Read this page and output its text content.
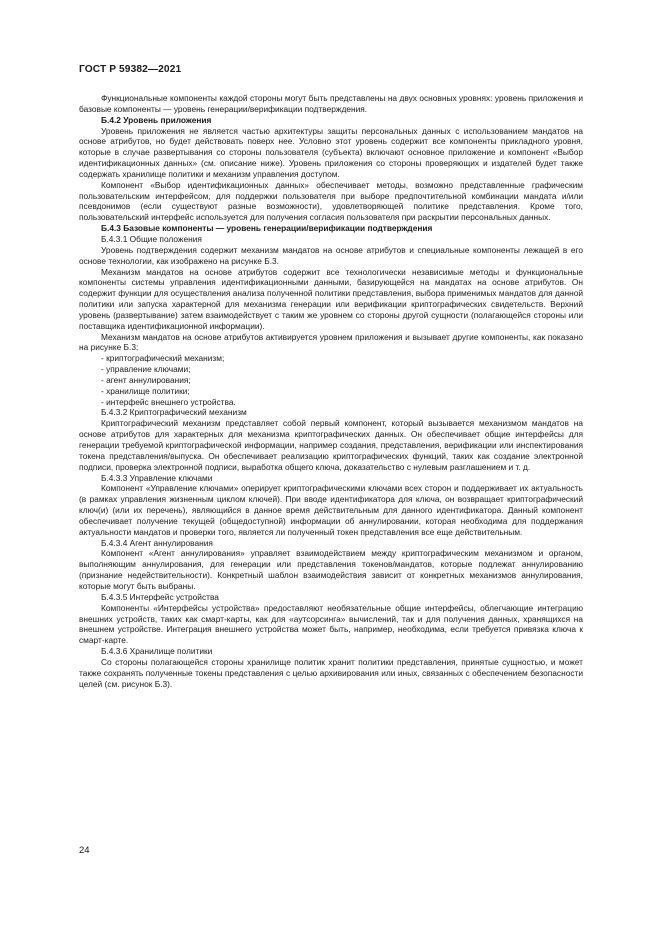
ГОСТ Р 59382—2021

Функциональные компоненты каждой стороны могут быть представлены на двух основных уровнях: уровень приложения и базовые компоненты — уровень генерации/верификации подтверждения.

Б.4.2 Уровень приложения

Уровень приложения не является частью архитектуры защиты персональных данных с использованием мандатов на основе атрибутов, но будет действовать поверх нее. Условно этот уровень содержит все компоненты прикладного уровня, которые в случае развертывания со стороны пользователя (субъекта) включают основное приложение и компонент «Выбор идентификационных данных» (см. описание ниже). Уровень приложения со стороны проверяющих и издателей будет также содержать хранилище политики и механизм управления доступом.

Компонент «Выбор идентификационных данных» обеспечивает методы, возможно представленные графическим пользовательским интерфейсом, для поддержки пользователя при выборе предпочтительной комбинации мандата и/или псевдонимов (если существуют разные возможности), удовлетворяющей политике представления. Кроме того, пользовательский интерфейс используется для получения согласия пользователя при раскрытии персональных данных.

Б.4.3 Базовые компоненты — уровень генерации/верификации подтверждения
Б.4.3.1 Общие положения

Уровень подтверждения содержит механизм мандатов на основе атрибутов и специальные компоненты лежащей в его основе технологии, как изображено на рисунке Б.3.

Механизм мандатов на основе атрибутов содержит все технологически независимые методы и функциональные компоненты системы управления идентификационными данными, базирующейся на мандатах на основе атрибутов. Он содержит функции для осуществления анализа полученной политики представления, выбора применимых мандатов для данной политики или запуска характерной для механизма генерации или верификации криптографических свидетельств. Верхний уровень (развертывание) затем взаимодействует с таким же уровнем со стороны другой сущности (полагающейся стороны или поставщика идентификационной информации).

Механизм мандатов на основе атрибутов активируется уровнем приложения и вызывает другие компоненты, как показано на рисунке Б.3:

- криптографический механизм;
- управление ключами;
- агент аннулирования;
- хранилище политики;
- интерфейс внешнего устройства.
Б.4.3.2 Криптографический механизм

Криптографический механизм представляет собой первый компонент, который вызывается механизмом мандатов на основе атрибутов для характерных для механизма криптографических данных. Он обеспечивает общие интерфейсы для генерации требуемой криптографической информации, например создания, представления, верификации или инспектирования токена представления/выпуска. Он обеспечивает реализацию криптографических функций, таких как создание электронной подписи, проверка электронной подписи, выработка общего ключа, доказательство с нулевым разглашением и т. д.

Б.4.3.3 Управление ключами

Компонент «Управление ключами» оперирует криптографическими ключами всех сторон и поддерживает их актуальность (в рамках управления жизненным циклом ключей). При вводе идентификатора для ключа, он возвращает криптографический ключ(и) (или их перечень), являющийся в данное время действительным для данного идентификатора. Данный компонент обеспечивает получение текущей (общедоступной) информации об аннулировании, которая необходима для поддержания актуальности мандатов и проверки того, является ли полученный токен представления все еще действительным.

Б.4.3.4 Агент аннулирования

Компонент «Агент аннулирования» управляет взаимодействием между криптографическим механизмом и органом, выполняющим аннулирования, для генерации или представления токенов/мандатов, которые подлежат аннулированию (признание недействительности). Конкретный шаблон взаимодействия зависит от конкретных механизмов аннулирования, которые могут быть выбраны.

Б.4.3.5 Интерфейс устройства

Компоненты «Интерфейсы устройства» предоставляют необязательные общие интерфейсы, облегчающие интеграцию внешних устройств, таких как смарт-карты, как для «аутсорсинга» вычислений, так и для получения данных, хранящихся на внешнем устройстве. Интеграция внешнего устройства может быть, например, необходима, если требуется привязка ключа к смарт-карте.

Б.4.3.6 Хранилище политики

Со стороны полагающейся стороны хранилище политик хранит политики представления, принятые сущностью, и может также сохранять полученные токены представления с целью архивирования или иных, связанных с обеспечением безопасности целей (см. рисунок Б.3).

24
